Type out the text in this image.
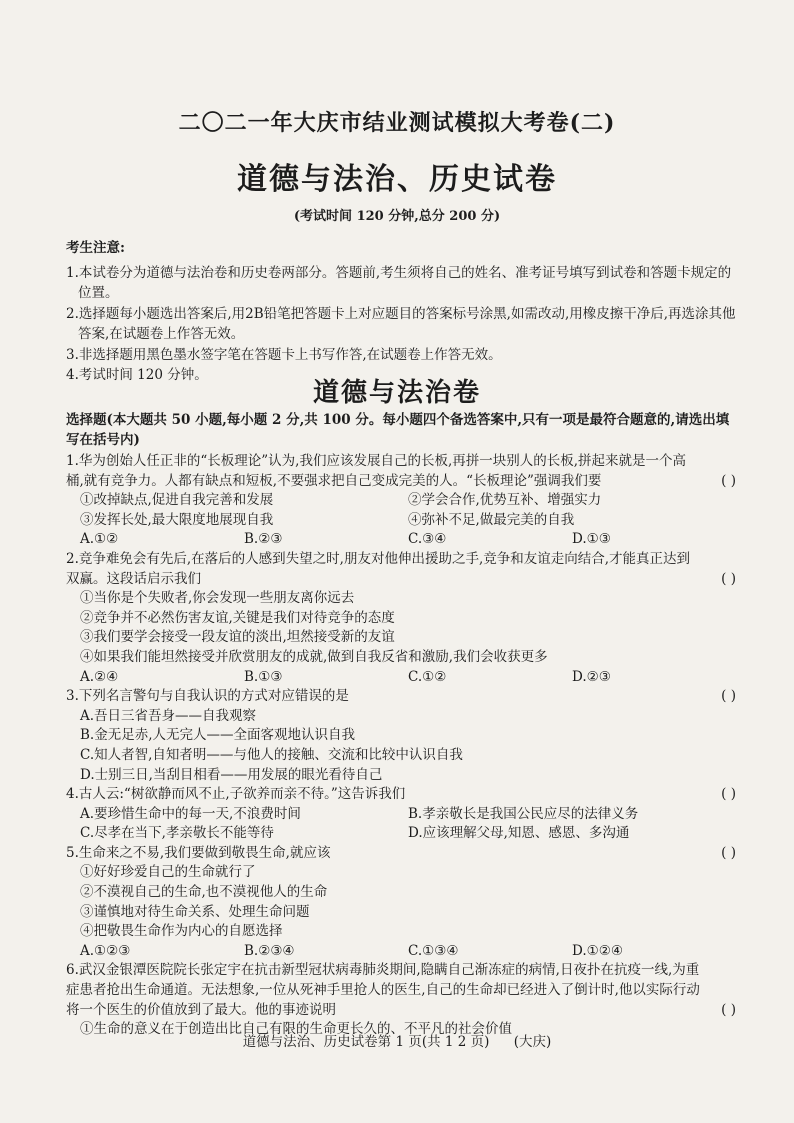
二〇二一年大庆市结业测试模拟大考卷(二)
道德与法治、历史试卷
(考试时间 120 分钟,总分 200 分)
考生注意:
1.本试卷分为道德与法治卷和历史卷两部分。答题前,考生须将自己的姓名、准考证号填写到试卷和答题卡规定的位置。
2.选择题每小题选出答案后,用2B铅笔把答题卡上对应题目的答案标号涂黑,如需改动,用橡皮擦干净后,再选涂其他答案,在试题卷上作答无效。
3.非选择题用黑色墨水签字笔在答题卡上书写作答,在试题卷上作答无效。
4.考试时间 120 分钟。
道德与法治卷
选择题(本大题共 50 小题,每小题 2 分,共 100 分。每小题四个备选答案中,只有一项是最符合题意的,请选出填写在括号内)
1.华为创始人任正非的“长板理论”认为,我们应该发展自己的长板,再拼一块别人的长板,拼起来就是一个高桶,就有竞争力。人都有缺点和短板,不要强求把自己变成完美的人。“长板理论”强调我们要	( )
①改掉缺点,促进自我完善和发展	②学会合作,优势互补、增强实力
③发挥长处,最大限度地展现自我	④弥补不足,做最完美的自我
A.①②	B.②③	C.③④	D.①③
2.竞争难免会有先后,在落后的人感到失望之时,朋友对他伸出援助之手,竞争和友谊走向结合,才能真正达到双赢。这段话启示我们	( )
①当你是个失败者,你会发现一些朋友离你远去
②竞争并不必然伤害友谊,关键是我们对待竞争的态度
③我们要学会接受一段友谊的淡出,坦然接受新的友谊
④如果我们能坦然接受并欣赏朋友的成就,做到自我反省和激励,我们会收获更多
A.②④	B.①③	C.①②	D.②③
3.下列名言警句与自我认识的方式对应错误的是	( )
A.吾日三省吾身——自我观察
B.金无足赤,人无完人——全面客观地认识自我
C.知人者智,自知者明——与他人的接触、交流和比较中认识自我
D.士别三日,当刮目相看——用发展的眼光看待自己
4.古人云:“树欲静而风不止,子欲养而亲不待。”这告诉我们	( )
A.要珍惜生命中的每一天,不浪费时间	B.孝亲敬长是我国公民应尽的法律义务
C.尽孝在当下,孝亲敬长不能等待	D.应该理解父母,知恩、感恩、多沟通
5.生命来之不易,我们要做到敬畏生命,就应该	( )
①好好珍爱自己的生命就行了
②不漠视自己的生命,也不漠视他人的生命
③谨慎地对待生命关系、处理生命问题
④把敬畏生命作为内心的自愿选择
A.①②③	B.②③④	C.①③④	D.①②④
6.武汉金银潭医院院长张定宇在抗击新型冠状病毒肺炎期间,隐瞒自己渐冻症的病情,日夜扑在抗疫一线,为重症患者抢出生命通道。无法想象,一位从死神手里抢人的医生,自己的生命却已经进入了倒计时,他以实际行动将一个医生的价值放到了最大。他的事迹说明	( )
①生命的意义在于创造出比自己有限的生命更长久的、不平凡的社会价值
道德与法治、历史试卷第 1 页(共 1 2 页) (大庆)
